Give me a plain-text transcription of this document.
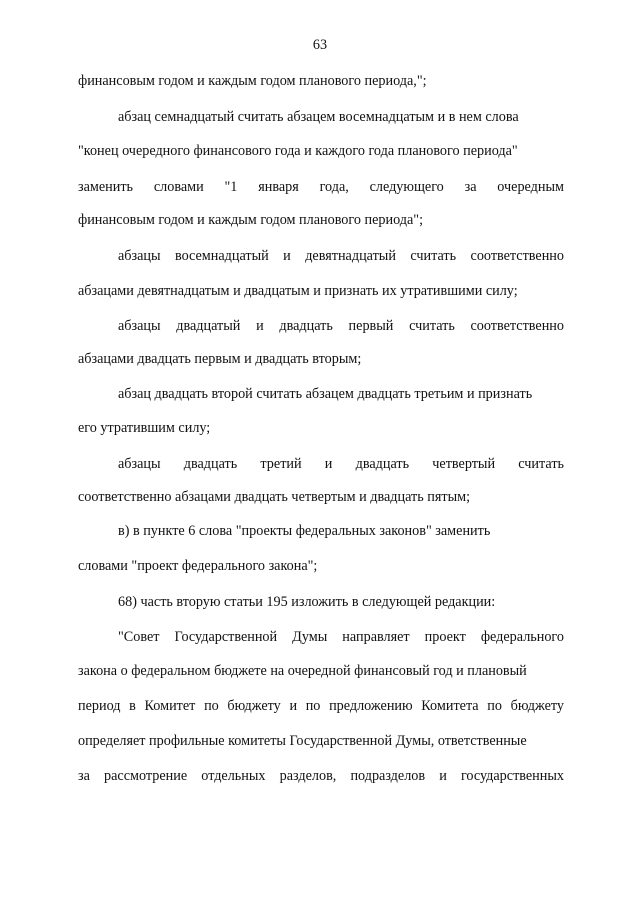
63
финансовым годом и каждым годом планового периода,";
абзац семнадцатый считать абзацем восемнадцатым и в нем слова
"конец очередного финансового года и каждого года планового периода"
заменить словами "1 января года, следующего за очередным
финансовым годом и каждым годом планового периода";
абзацы восемнадцатый и девятнадцатый считать соответственно
абзацами девятнадцатым и двадцатым и признать их утратившими силу;
абзацы двадцатый и двадцать первый считать соответственно
абзацами двадцать первым и двадцать вторым;
абзац двадцать второй считать абзацем двадцать третьим и признать
его утратившим силу;
абзацы двадцать третий и двадцать четвертый считать
соответственно абзацами двадцать четвертым и двадцать пятым;
в) в пункте 6 слова "проекты федеральных законов" заменить
словами "проект федерального закона";
68) часть вторую статьи 195 изложить в следующей редакции:
"Совет Государственной Думы направляет проект федерального
закона о федеральном бюджете на очередной финансовый год и плановый
период в Комитет по бюджету и по предложению Комитета по бюджету
определяет профильные комитеты Государственной Думы, ответственные
за рассмотрение отдельных разделов, подразделов и государственных
